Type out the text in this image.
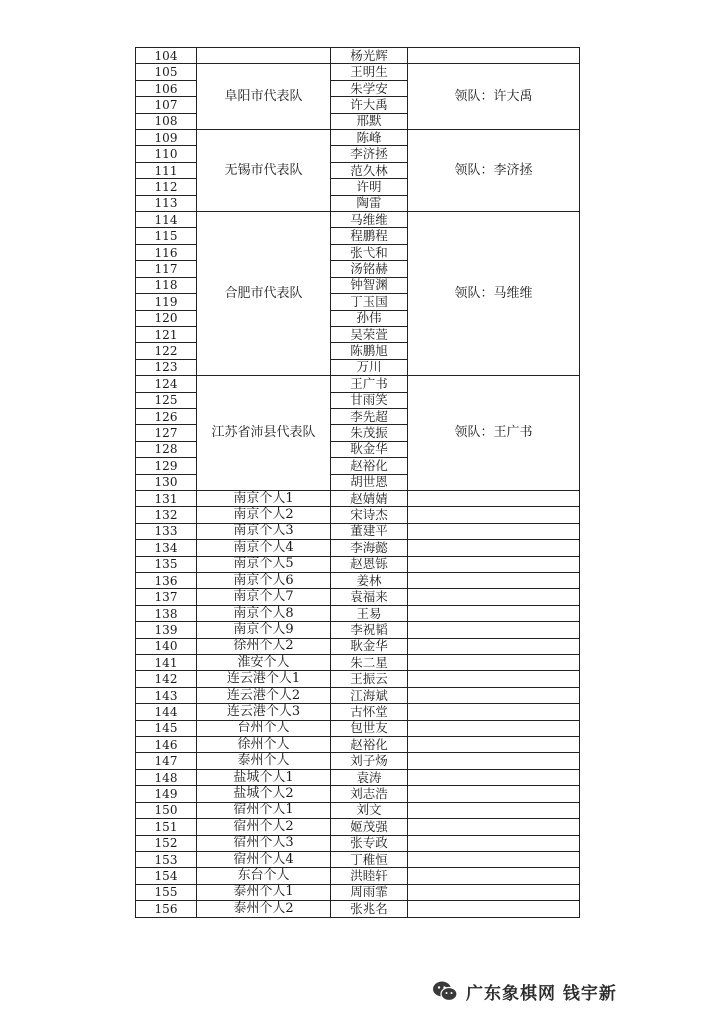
104		杨光辉	
105	阜阳市代表队	王明生	领队：许大禹
106		朱学安	
107		许大禹	
108		邢默	
109	无锡市代表队	陈峰	领队：李济拯
110		李济拯	
111		范久林	
112		许明	
113		陶雷	
114	合肥市代表队	马维维	领队：马维维
115		程鹏程	
116		张弋和	
117		汤铭赫	
118		钟智渊	
119		丁玉国	
120		孙伟	
121		吴荣萱	
122		陈鹏旭	
123		万川	
124	江苏省沛县代表队	王广书	领队：王广书
125		甘雨笑	
126		李先超	
127		朱茂振	
128		耿金华	
129		赵裕化	
130		胡世恩	
131	南京个人1	赵婧婧	
132	南京个人2	宋诗杰	
133	南京个人3	董建平	
134	南京个人4	李海懿	
135	南京个人5	赵恩铄	
136	南京个人6	姜林	
137	南京个人7	袁福来	
138	南京个人8	王易	
139	南京个人9	李祝韬	
140	徐州个人2	耿金华	
141	淮安个人	朱二星	
142	连云港个人1	王振云	
143	连云港个人2	江海斌	
144	连云港个人3	古怀堂	
145	台州个人	包世友	
146	徐州个人	赵裕化	
147	泰州个人	刘子炀	
148	盐城个人1	袁涛	
149	盐城个人2	刘志浩	
150	宿州个人1	刘文	
151	宿州个人2	姬茂强	
152	宿州个人3	张专政	
153	宿州个人4	丁稚恒	
154	东台个人	洪睦轩	
155	泰州个人1	周雨霏	
156	泰州个人2	张兆名	
广东象棋网 钱宇新
